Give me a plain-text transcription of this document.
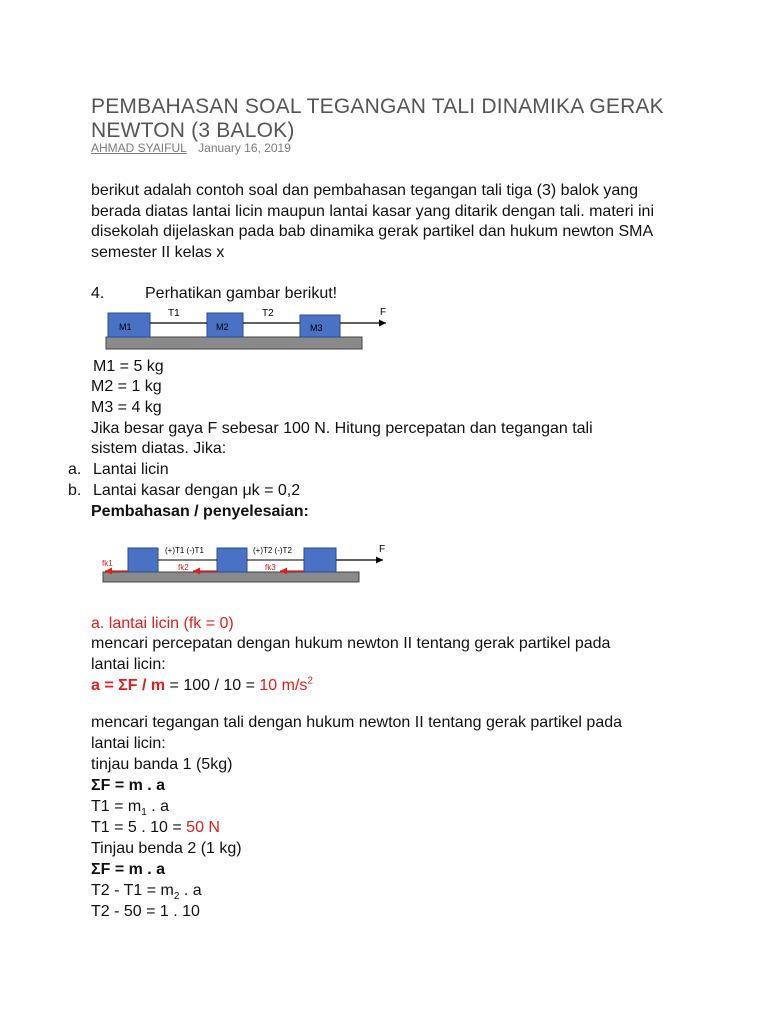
PEMBAHASAN SOAL TEGANGAN TALI DINAMIKA GERAK NEWTON (3 BALOK)
AHMAD SYAIFUL January 16, 2019
berikut adalah contoh soal dan pembahasan tegangan tali tiga (3) balok yang berada diatas lantai licin maupun lantai kasar yang ditarik dengan tali. materi ini disekolah dijelaskan pada bab dinamika gerak partikel dan hukum newton SMA semester II kelas x
4.	Perhatikan gambar berikut!
M1	M2	M3
T1	T2	F
M1 = 5 kg
M2 = 1 kg
M3 = 4 kg
Jika besar gaya F sebesar 100 N. Hitung percepatan dan tegangan tali
sistem diatas. Jika:
a. Lantai licin
b. Lantai kasar dengan μk = 0,2
Pembahasan / penyelesaian:
(+)T1 (-)T1	(+)T2 (-)T2	F
fk1	fk2	fk3
a. lantai licin (fk = 0)
mencari percepatan dengan hukum newton II tentang gerak partikel pada
lantai licin:
a = ΣF / m = 100 / 10 = 10 $m/s^2$
mencari tegangan tali dengan hukum newton II tentang gerak partikel pada
lantai licin:
tinjau banda 1 (5kg)
ΣF = m . a
$T1 = m_1$ . a
T1 = 5 . 10 = 50 N
Tinjau benda 2 (1 kg)
ΣF = m . a
$T2 - T1 = m_2$ . a
T2 - 50 = 1 . 10
